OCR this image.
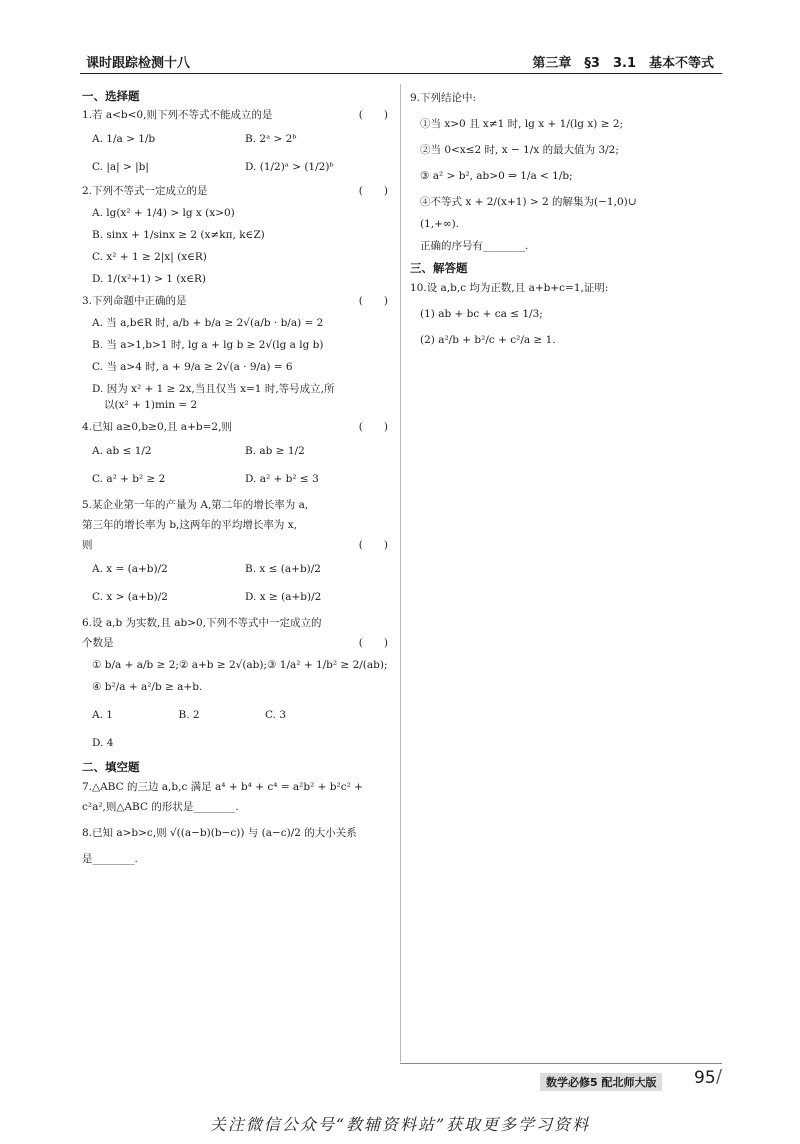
课时跟踪检测十八	第三章　§3　3.1　基本不等式
一、选择题
1.若 a<b<0,则下列不等式不能成立的是	(　　)
A. 1/a > 1/b	B. 2ᵃ > 2ᵇ
C. |a| > |b|	D. (1/2)ᵃ > (1/2)ᵇ
2.下列不等式一定成立的是	(　　)
A. lg(x² + 1/4) > lg x (x>0)
B. sinx + 1/sinx ≥ 2 (x≠kπ, k∈Z)
C. x² + 1 ≥ 2|x| (x∈R)
D. 1/(x²+1) > 1 (x∈R)
3.下列命题中正确的是	(　　)
A. 当 a,b∈R 时, a/b + b/a ≥ 2√(a/b · b/a) = 2
B. 当 a>1,b>1 时, lg a + lg b ≥ 2√(lg a lg b)
C. 当 a>4 时, a + 9/a ≥ 2√(a · 9/a) = 6
D. 因为 x² + 1 ≥ 2x,当且仅当 x=1 时,等号成立,所
以(x² + 1)min = 2
4.已知 a≥0,b≥0,且 a+b=2,则	(　　)
A. ab ≤ 1/2	B. ab ≥ 1/2
C. a² + b² ≥ 2	D. a² + b² ≤ 3
5.某企业第一年的产量为 A,第二年的增长率为 a,
第三年的增长率为 b,这两年的平均增长率为 x,
则	(　　)
A. x = (a+b)/2	B. x ≤ (a+b)/2
C. x > (a+b)/2	D. x ≥ (a+b)/2
6.设 a,b 为实数,且 ab>0,下列不等式中一定成立的
个数是	(　　)
① b/a + a/b ≥ 2;② a+b ≥ 2√(ab);③ 1/a² + 1/b² ≥ 2/(ab);
④ b²/a + a²/b ≥ a+b.
A. 1	B. 2	C. 3
D. 4
二、填空题
7.△ABC 的三边 a,b,c 满足 a⁴ + b⁴ + c⁴ = a²b² + b²c² +
c²a²,则△ABC 的形状是________.
8.已知 a>b>c,则 √((a−b)(b−c)) 与 (a−c)/2 的大小关系
是________.
9.下列结论中:
①当 x>0 且 x≠1 时, lg x + 1/(lg x) ≥ 2;
②当 0<x≤2 时, x − 1/x 的最大值为 3/2;
③ a² > b², ab>0 ⇒ 1/a < 1/b;
④不等式 x + 2/(x+1) > 2 的解集为(−1,0)∪
(1,+∞).
正确的序号有________.
三、解答题
10.设 a,b,c 均为正数,且 a+b+c=1,证明:
(1) ab + bc + ca ≤ 1/3;
(2) a²/b + b²/c + c²/a ≥ 1.
数学必修5 配北师大版	95 /
关注微信公众号“教辅资料站”获取更多学习资料
